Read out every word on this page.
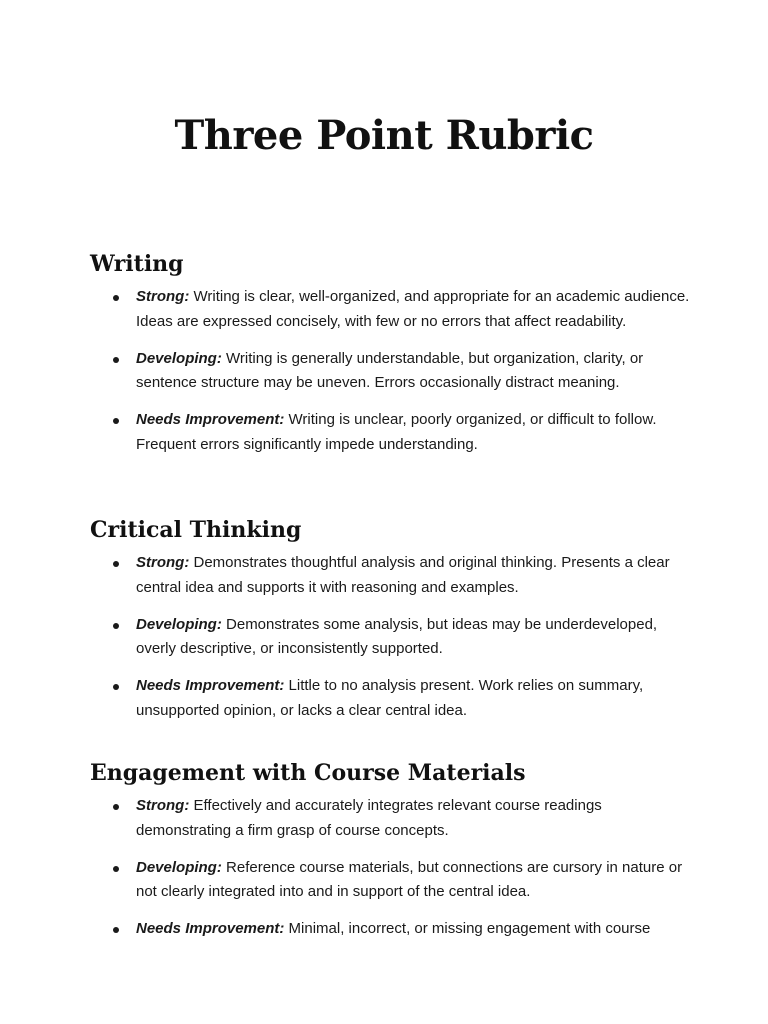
Three Point Rubric
Writing
Strong: Writing is clear, well-organized, and appropriate for an academic audience. Ideas are expressed concisely, with few or no errors that affect readability.
Developing: Writing is generally understandable, but organization, clarity, or sentence structure may be uneven. Errors occasionally distract meaning.
Needs Improvement: Writing is unclear, poorly organized, or difficult to follow. Frequent errors significantly impede understanding.
Critical Thinking
Strong: Demonstrates thoughtful analysis and original thinking. Presents a clear central idea and supports it with reasoning and examples.
Developing: Demonstrates some analysis, but ideas may be underdeveloped, overly descriptive, or inconsistently supported.
Needs Improvement: Little to no analysis present. Work relies on summary, unsupported opinion, or lacks a clear central idea.
Engagement with Course Materials
Strong: Effectively and accurately integrates relevant course readings demonstrating a firm grasp of course concepts.
Developing: Reference course materials, but connections are cursory in nature or not clearly integrated into and in support of the central idea.
Needs Improvement: Minimal, incorrect, or missing engagement with course
